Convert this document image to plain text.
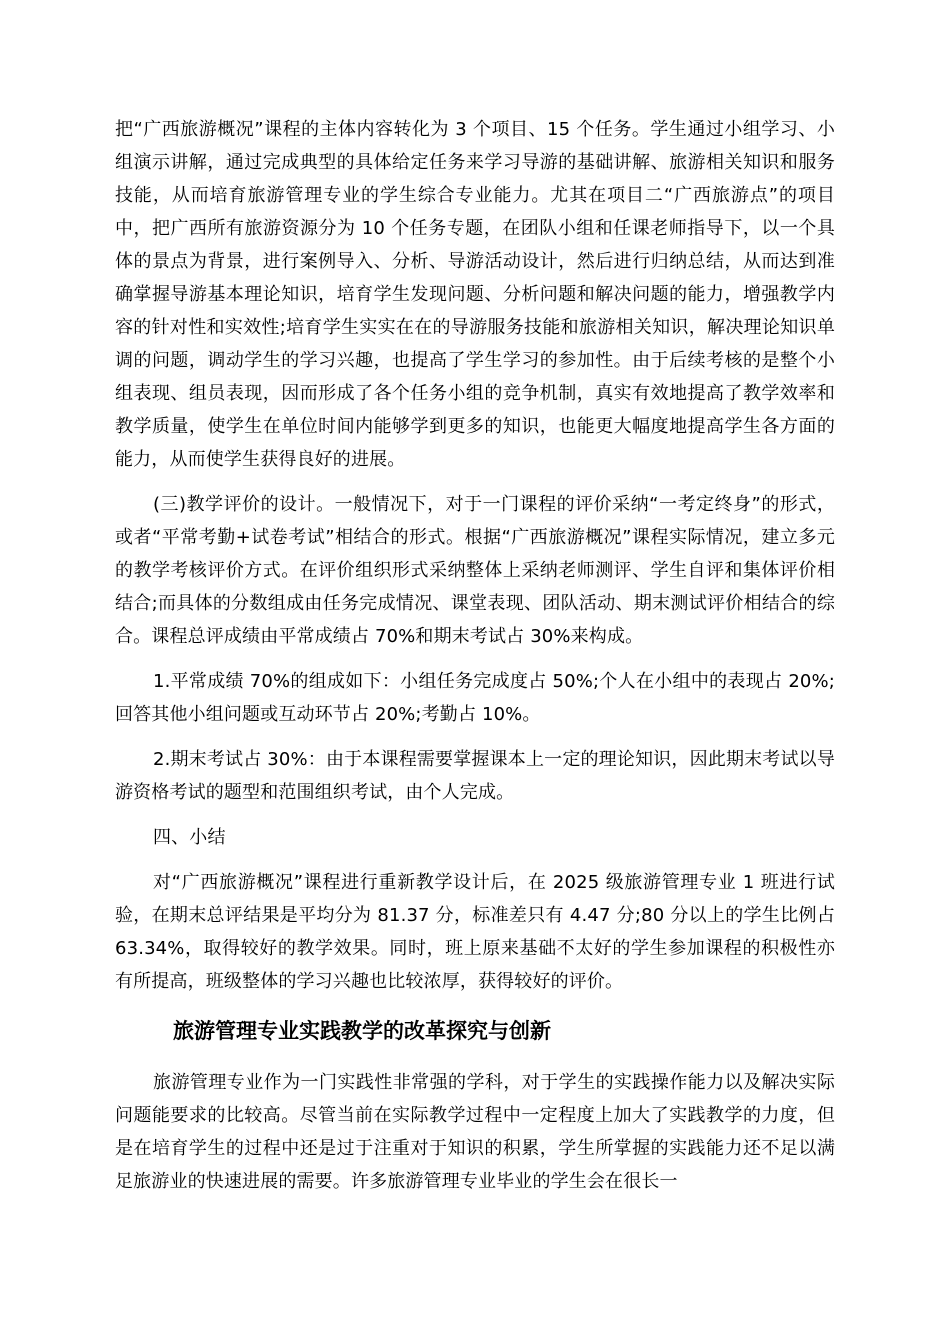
把“广西旅游概况”课程的主体内容转化为 3 个项目、15 个任务。学生通过小组学习、小组演示讲解，通过完成典型的具体给定任务来学习导游的基础讲解、旅游相关知识和服务技能，从而培育旅游管理专业的学生综合专业能力。尤其在项目二“广西旅游点”的项目中，把广西所有旅游资源分为 10 个任务专题，在团队小组和任课老师指导下，以一个具体的景点为背景，进行案例导入、分析、导游活动设计，然后进行归纳总结，从而达到准确掌握导游基本理论知识，培育学生发现问题、分析问题和解决问题的能力，增强教学内容的针对性和实效性;培育学生实实在在的导游服务技能和旅游相关知识，解决理论知识单调的问题，调动学生的学习兴趣，也提高了学生学习的参加性。由于后续考核的是整个小组表现、组员表现，因而形成了各个任务小组的竞争机制，真实有效地提高了教学效率和教学质量，使学生在单位时间内能够学到更多的知识，也能更大幅度地提高学生各方面的能力，从而使学生获得良好的进展。

(三)教学评价的设计。一般情况下，对于一门课程的评价采纳“一考定终身”的形式，或者“平常考勤+试卷考试”相结合的形式。根据“广西旅游概况”课程实际情况，建立多元的教学考核评价方式。在评价组织形式采纳整体上采纳老师测评、学生自评和集体评价相结合;而具体的分数组成由任务完成情况、课堂表现、团队活动、期末测试评价相结合的综合。课程总评成绩由平常成绩占 70%和期末考试占 30%来构成。

1.平常成绩 70%的组成如下：小组任务完成度占 50%;个人在小组中的表现占 20%;回答其他小组问题或互动环节占 20%;考勤占 10%。

2.期末考试占 30%：由于本课程需要掌握课本上一定的理论知识，因此期末考试以导游资格考试的题型和范围组织考试，由个人完成。

四、小结

对“广西旅游概况”课程进行重新教学设计后，在 2025 级旅游管理专业 1 班进行试验，在期末总评结果是平均分为 81.37 分，标准差只有 4.47 分;80 分以上的学生比例占 63.34%，取得较好的教学效果。同时，班上原来基础不太好的学生参加课程的积极性亦有所提高，班级整体的学习兴趣也比较浓厚，获得较好的评价。

旅游管理专业实践教学的改革探究与创新

旅游管理专业作为一门实践性非常强的学科，对于学生的实践操作能力以及解决实际问题能要求的比较高。尽管当前在实际教学过程中一定程度上加大了实践教学的力度，但是在培育学生的过程中还是过于注重对于知识的积累，学生所掌握的实践能力还不足以满足旅游业的快速进展的需要。许多旅游管理专业毕业的学生会在很长一
